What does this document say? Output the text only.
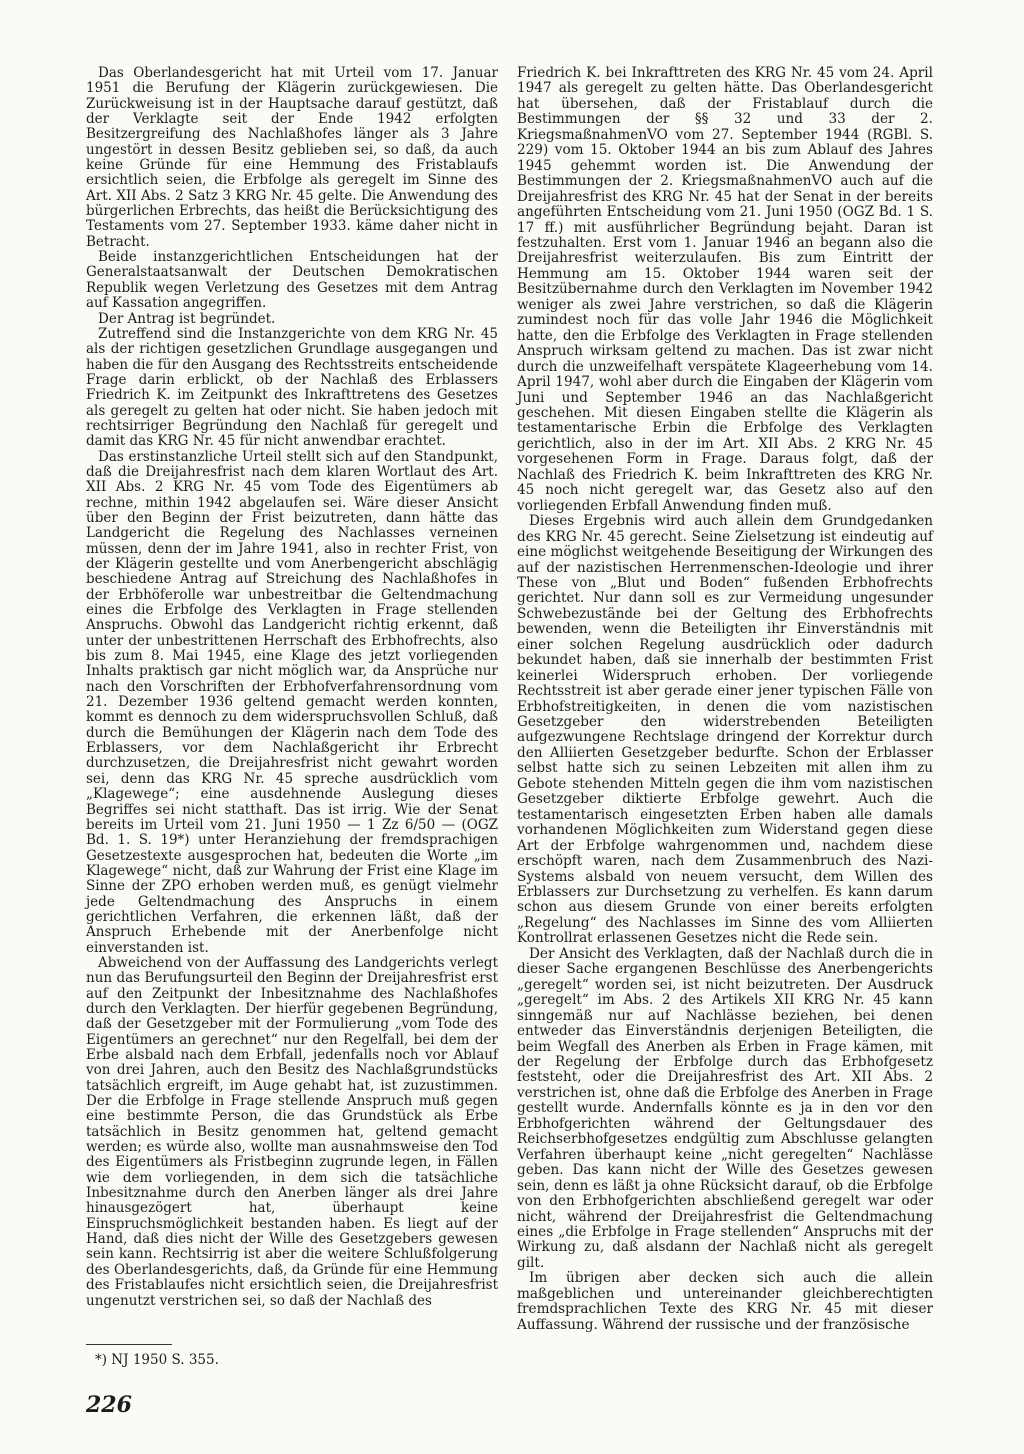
Das Oberlandesgericht hat mit Urteil vom 17. Januar 1951 die Berufung der Klägerin zurückgewiesen. Die Zurückweisung ist in der Hauptsache darauf gestützt, daß der Verklagte seit der Ende 1942 erfolgten Besitzergreifung des Nachlaßhofes länger als 3 Jahre ungestört in dessen Besitz geblieben sei, so daß, da auch keine Gründe für eine Hemmung des Fristablaufs ersichtlich seien, die Erbfolge als geregelt im Sinne des Art. XII Abs. 2 Satz 3 KRG Nr. 45 gelte. Die Anwendung des bürgerlichen Erbrechts, das heißt die Berücksichtigung des Testaments vom 27. September 1933. käme daher nicht in Betracht.

Beide instanzgerichtlichen Entscheidungen hat der Generalstaatsanwalt der Deutschen Demokratischen Republik wegen Verletzung des Gesetzes mit dem Antrag auf Kassation angegriffen.

Der Antrag ist begründet.

Zutreffend sind die Instanzgerichte von dem KRG Nr. 45 als der richtigen gesetzlichen Grundlage ausgegangen und haben die für den Ausgang des Rechtsstreits entscheidende Frage darin erblickt, ob der Nachlaß des Erblassers Friedrich K. im Zeitpunkt des Inkrafttretens des Gesetzes als geregelt zu gelten hat oder nicht. Sie haben jedoch mit rechtsirriger Begründung den Nachlaß für geregelt und damit das KRG Nr. 45 für nicht anwendbar erachtet.

Das erstinstanzliche Urteil stellt sich auf den Standpunkt, daß die Dreijahresfrist nach dem klaren Wortlaut des Art. XII Abs. 2 KRG Nr. 45 vom Tode des Eigentümers ab rechne, mithin 1942 abgelaufen sei. Wäre dieser Ansicht über den Beginn der Frist beizutreten, dann hätte das Landgericht die Regelung des Nachlasses verneinen müssen, denn der im Jahre 1941, also in rechter Frist, von der Klägerin gestellte und vom Anerbengericht abschlägig beschiedene Antrag auf Streichung des Nachlaßhofes in der Erbhöferolle war unbestreitbar die Geltendmachung eines die Erbfolge des Verklagten in Frage stellenden Anspruchs. Obwohl das Landgericht richtig erkennt, daß unter der unbestrittenen Herrschaft des Erbhofrechts, also bis zum 8. Mai 1945, eine Klage des jetzt vorliegenden Inhalts praktisch gar nicht möglich war, da Ansprüche nur nach den Vorschriften der Erbhofverfahrensordnung vom 21. Dezember 1936 geltend gemacht werden konnten, kommt es dennoch zu dem widerspruchsvollen Schluß, daß durch die Bemühungen der Klägerin nach dem Tode des Erblassers, vor dem Nachlaßgericht ihr Erbrecht durchzusetzen, die Dreijahresfrist nicht gewahrt worden sei, denn das KRG Nr. 45 spreche ausdrücklich vom „Klagewege“; eine ausdehnende Auslegung dieses Begriffes sei nicht statthaft. Das ist irrig. Wie der Senat bereits im Urteil vom 21. Juni 1950 — 1 Zz 6/50 — (OGZ Bd. 1. S. 19*) unter Heranziehung der fremdsprachigen Gesetzestexte ausgesprochen hat, bedeuten die Worte „im Klagewege“ nicht, daß zur Wahrung der Frist eine Klage im Sinne der ZPO erhoben werden muß, es genügt vielmehr jede Geltendmachung des Anspruchs in einem gerichtlichen Verfahren, die erkennen läßt, daß der Anspruch Erhebende mit der Anerbenfolge nicht einverstanden ist.

Abweichend von der Auffassung des Landgerichts verlegt nun das Berufungsurteil den Beginn der Dreijahresfrist erst auf den Zeitpunkt der Inbesitznahme des Nachlaßhofes durch den Verklagten. Der hierfür gegebenen Begründung, daß der Gesetzgeber mit der Formulierung „vom Tode des Eigentümers an gerechnet“ nur den Regelfall, bei dem der Erbe alsbald nach dem Erbfall, jedenfalls noch vor Ablauf von drei Jahren, auch den Besitz des Nachlaßgrundstücks tatsächlich ergreift, im Auge gehabt hat, ist zuzustimmen. Der die Erbfolge in Frage stellende Anspruch muß gegen eine bestimmte Person, die das Grundstück als Erbe tatsächlich in Besitz genommen hat, geltend gemacht werden; es würde also, wollte man ausnahmsweise den Tod des Eigentümers als Fristbeginn zugrunde legen, in Fällen wie dem vorliegenden, in dem sich die tatsächliche Inbesitznahme durch den Anerben länger als drei Jahre hinausgezögert hat, überhaupt keine Einspruchsmöglichkeit bestanden haben. Es liegt auf der Hand, daß dies nicht der Wille des Gesetzgebers gewesen sein kann. Rechtsirrig ist aber die weitere Schlußfolgerung des Oberlandesgerichts, daß, da Gründe für eine Hemmung des Fristablaufes nicht ersichtlich seien, die Dreijahresfrist ungenutzt verstrichen sei, so daß der Nachlaß des

Friedrich K. bei Inkrafttreten des KRG Nr. 45 vom 24. April 1947 als geregelt zu gelten hätte. Das Oberlandesgericht hat übersehen, daß der Fristablauf durch die Bestimmungen der §§ 32 und 33 der 2. KriegsmaßnahmenVO vom 27. September 1944 (RGBl. S. 229) vom 15. Oktober 1944 an bis zum Ablauf des Jahres 1945 gehemmt worden ist. Die Anwendung der Bestimmungen der 2. KriegsmaßnahmenVO auch auf die Dreijahresfrist des KRG Nr. 45 hat der Senat in der bereits angeführten Entscheidung vom 21. Juni 1950 (OGZ Bd. 1 S. 17 ff.) mit ausführlicher Begründung bejaht. Daran ist festzuhalten. Erst vom 1. Januar 1946 an begann also die Dreijahresfrist weiterzulaufen. Bis zum Eintritt der Hemmung am 15. Oktober 1944 waren seit der Besitzübernahme durch den Verklagten im November 1942 weniger als zwei Jahre verstrichen, so daß die Klägerin zumindest noch für das volle Jahr 1946 die Möglichkeit hatte, den die Erbfolge des Verklagten in Frage stellenden Anspruch wirksam geltend zu machen. Das ist zwar nicht durch die unzweifelhaft verspätete Klageerhebung vom 14. April 1947, wohl aber durch die Eingaben der Klägerin vom Juni und September 1946 an das Nachlaßgericht geschehen. Mit diesen Eingaben stellte die Klägerin als testamentarische Erbin die Erbfolge des Verklagten gerichtlich, also in der im Art. XII Abs. 2 KRG Nr. 45 vorgesehenen Form in Frage. Daraus folgt, daß der Nachlaß des Friedrich K. beim Inkrafttreten des KRG Nr. 45 noch nicht geregelt war, das Gesetz also auf den vorliegenden Erbfall Anwendung finden muß.

Dieses Ergebnis wird auch allein dem Grundgedanken des KRG Nr. 45 gerecht. Seine Zielsetzung ist eindeutig auf eine möglichst weitgehende Beseitigung der Wirkungen des auf der nazistischen Herrenmenschen-Ideologie und ihrer These von „Blut und Boden“ fußenden Erbhofrechts gerichtet. Nur dann soll es zur Vermeidung ungesunder Schwebezustände bei der Geltung des Erbhofrechts bewenden, wenn die Beteiligten ihr Einverständnis mit einer solchen Regelung ausdrücklich oder dadurch bekundet haben, daß sie innerhalb der bestimmten Frist keinerlei Widerspruch erhoben. Der vorliegende Rechtsstreit ist aber gerade einer jener typischen Fälle von Erbhofstreitigkeiten, in denen die vom nazistischen Gesetzgeber den widerstrebenden Beteiligten aufgezwungene Rechtslage dringend der Korrektur durch den Alliierten Gesetzgeber bedurfte. Schon der Erblasser selbst hatte sich zu seinen Lebzeiten mit allen ihm zu Gebote stehenden Mitteln gegen die ihm vom nazistischen Gesetzgeber diktierte Erbfolge gewehrt. Auch die testamentarisch eingesetzten Erben haben alle damals vorhandenen Möglichkeiten zum Widerstand gegen diese Art der Erbfolge wahrgenommen und, nachdem diese erschöpft waren, nach dem Zusammenbruch des Nazi-Systems alsbald von neuem versucht, dem Willen des Erblassers zur Durchsetzung zu verhelfen. Es kann darum schon aus diesem Grunde von einer bereits erfolgten „Regelung“ des Nachlasses im Sinne des vom Alliierten Kontrollrat erlassenen Gesetzes nicht die Rede sein.

Der Ansicht des Verklagten, daß der Nachlaß durch die in dieser Sache ergangenen Beschlüsse des Anerbengerichts „geregelt“ worden sei, ist nicht beizutreten. Der Ausdruck „geregelt“ im Abs. 2 des Artikels XII KRG Nr. 45 kann sinngemäß nur auf Nachlässe beziehen, bei denen entweder das Einverständnis derjenigen Beteiligten, die beim Wegfall des Anerben als Erben in Frage kämen, mit der Regelung der Erbfolge durch das Erbhofgesetz feststeht, oder die Dreijahresfrist des Art. XII Abs. 2 verstrichen ist, ohne daß die Erbfolge des Anerben in Frage gestellt wurde. Andernfalls könnte es ja in den vor den Erbhofgerichten während der Geltungsdauer des Reichserbhofgesetzes endgültig zum Abschlusse gelangten Verfahren überhaupt keine „nicht geregelten“ Nachlässe geben. Das kann nicht der Wille des Gesetzes gewesen sein, denn es läßt ja ohne Rücksicht darauf, ob die Erbfolge von den Erbhofgerichten abschließend geregelt war oder nicht, während der Dreijahresfrist die Geltendmachung eines „die Erbfolge in Frage stellenden“ Anspruchs mit der Wirkung zu, daß alsdann der Nachlaß nicht als geregelt gilt.

Im übrigen aber decken sich auch die allein maßgeblichen und untereinander gleichberechtigten fremdsprachlichen Texte des KRG Nr. 45 mit dieser Auffassung. Während der russische und der französische

*) NJ 1950 S. 355.
226
